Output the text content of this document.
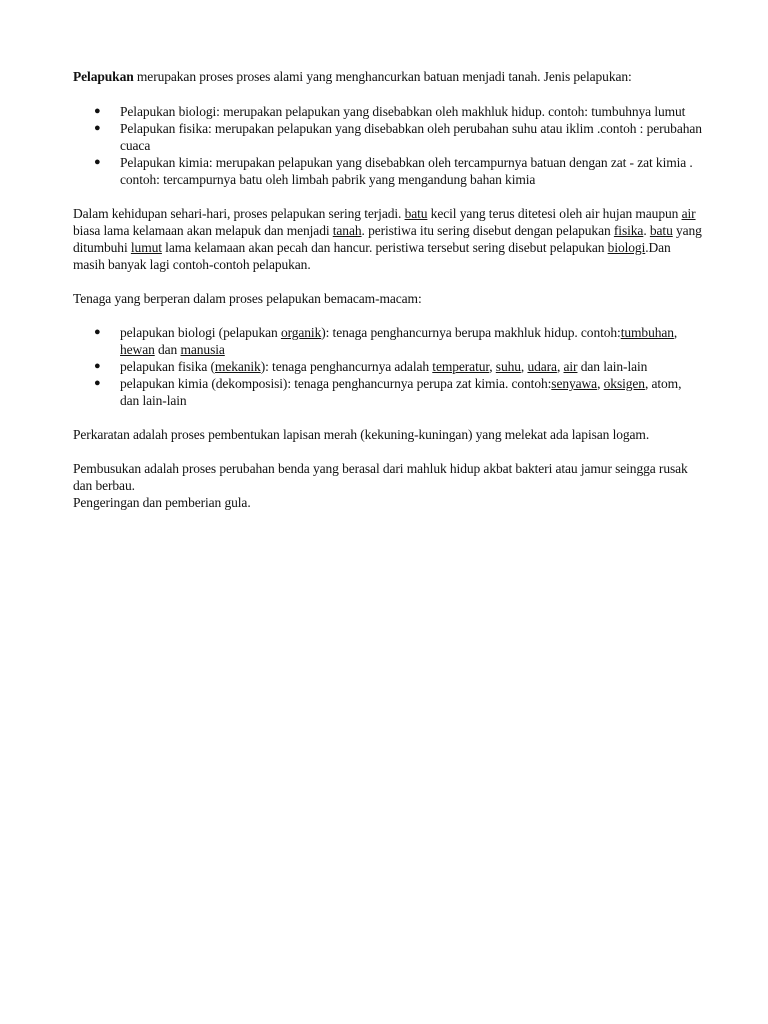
Pelapukan merupakan proses proses alami yang menghancurkan batuan menjadi tanah. Jenis pelapukan:

● Pelapukan biologi: merupakan pelapukan yang disebabkan oleh makhluk hidup. contoh: tumbuhnya lumut
● Pelapukan fisika: merupakan pelapukan yang disebabkan oleh perubahan suhu atau iklim .contoh : perubahan cuaca
● Pelapukan kimia: merupakan pelapukan yang disebabkan oleh tercampurnya batuan dengan zat - zat kimia . contoh: tercampurnya batu oleh limbah pabrik yang mengandung bahan kimia

Dalam kehidupan sehari-hari, proses pelapukan sering terjadi. batu kecil yang terus ditetesi oleh air hujan maupun air biasa lama kelamaan akan melapuk dan menjadi tanah. peristiwa itu sering disebut dengan pelapukan fisika. batu yang ditumbuhi lumut lama kelamaan akan pecah dan hancur. peristiwa tersebut sering disebut pelapukan biologi.Dan masih banyak lagi contoh-contoh pelapukan.

Tenaga yang berperan dalam proses pelapukan bemacam-macam:

● pelapukan biologi (pelapukan organik): tenaga penghancurnya berupa makhluk hidup. contoh:tumbuhan, hewan dan manusia
● pelapukan fisika (mekanik): tenaga penghancurnya adalah temperatur, suhu, udara, air dan lain-lain
● pelapukan kimia (dekomposisi): tenaga penghancurnya perupa zat kimia. contoh:senyawa, oksigen, atom, dan lain-lain

Perkaratan adalah proses pembentukan lapisan merah (kekuning-kuningan) yang melekat ada lapisan logam.

Pembusukan adalah proses perubahan benda yang berasal dari mahluk hidup akbat bakteri atau jamur seingga rusak dan berbau.

Pengeringan dan pemberian gula.
